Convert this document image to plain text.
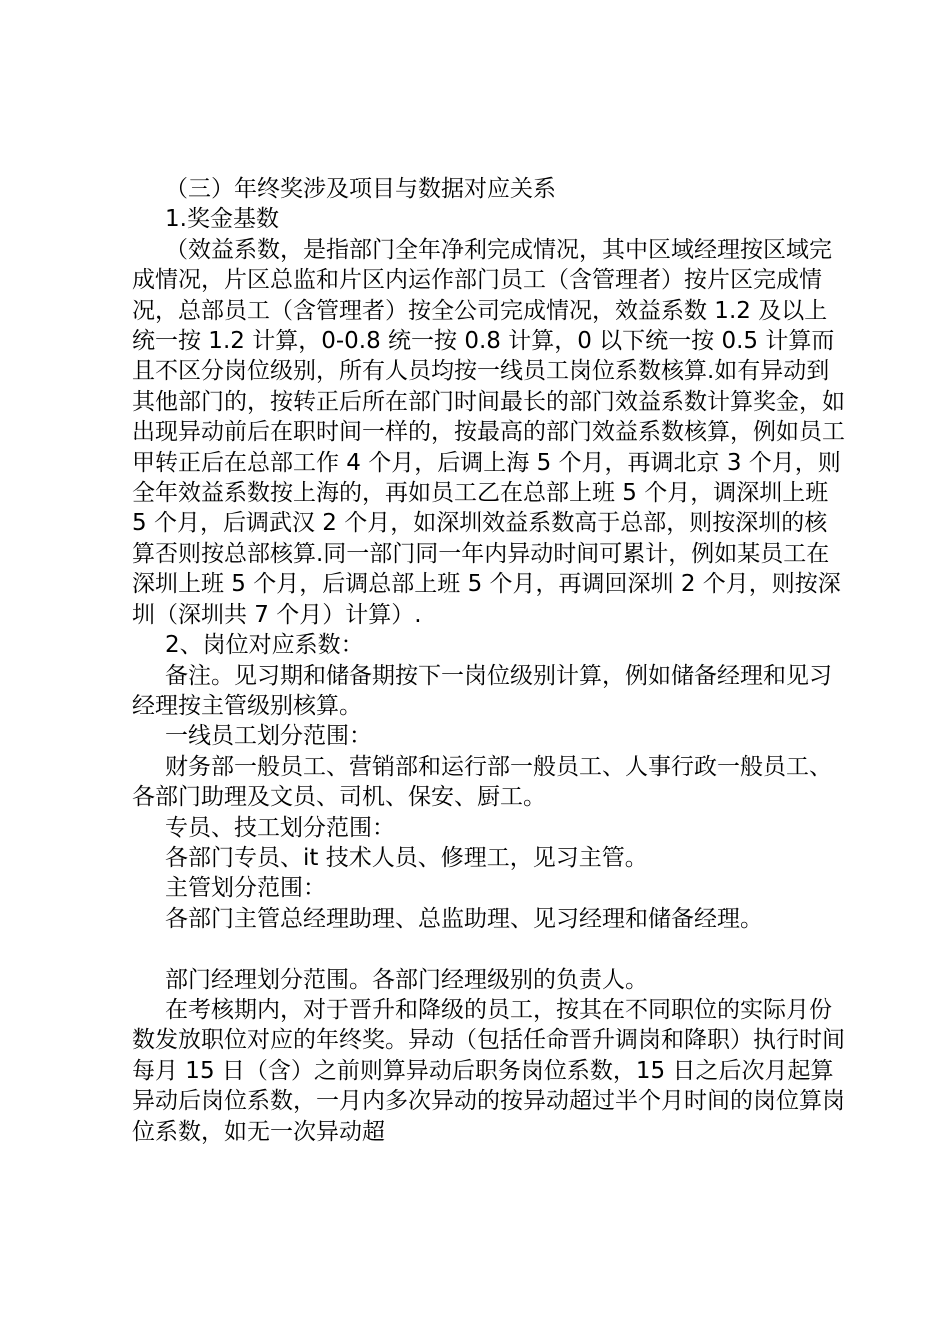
（三）年终奖涉及项目与数据对应关系

1.奖金基数

（效益系数，是指部门全年净利完成情况，其中区域经理按区域完成情况，片区总监和片区内运作部门员工（含管理者）按片区完成情况，总部员工（含管理者）按全公司完成情况，效益系数 1.2 及以上统一按 1.2 计算，0-0.8 统一按 0.8 计算，0 以下统一按 0.5 计算而且不区分岗位级别，所有人员均按一线员工岗位系数核算.如有异动到其他部门的，按转正后所在部门时间最长的部门效益系数计算奖金，如出现异动前后在职时间一样的，按最高的部门效益系数核算，例如员工甲转正后在总部工作 4 个月，后调上海 5 个月，再调北京 3 个月，则全年效益系数按上海的，再如员工乙在总部上班 5 个月，调深圳上班 5 个月，后调武汉 2 个月，如深圳效益系数高于总部，则按深圳的核算否则按总部核算.同一部门同一年内异动时间可累计，例如某员工在深圳上班 5 个月，后调总部上班 5 个月，再调回深圳 2 个月，则按深圳（深圳共 7 个月）计算）.

2、岗位对应系数：

备注。见习期和储备期按下一岗位级别计算，例如储备经理和见习经理按主管级别核算。

一线员工划分范围：

财务部一般员工、营销部和运行部一般员工、人事行政一般员工、各部门助理及文员、司机、保安、厨工。

专员、技工划分范围：

各部门专员、it 技术人员、修理工，见习主管。

主管划分范围：

各部门主管总经理助理、总监助理、见习经理和储备经理。

部门经理划分范围。各部门经理级别的负责人。

在考核期内，对于晋升和降级的员工，按其在不同职位的实际月份数发放职位对应的年终奖。异动（包括任命晋升调岗和降职）执行时间每月 15 日（含）之前则算异动后职务岗位系数，15 日之后次月起算异动后岗位系数，一月内多次异动的按异动超过半个月时间的岗位算岗位系数，如无一次异动超
